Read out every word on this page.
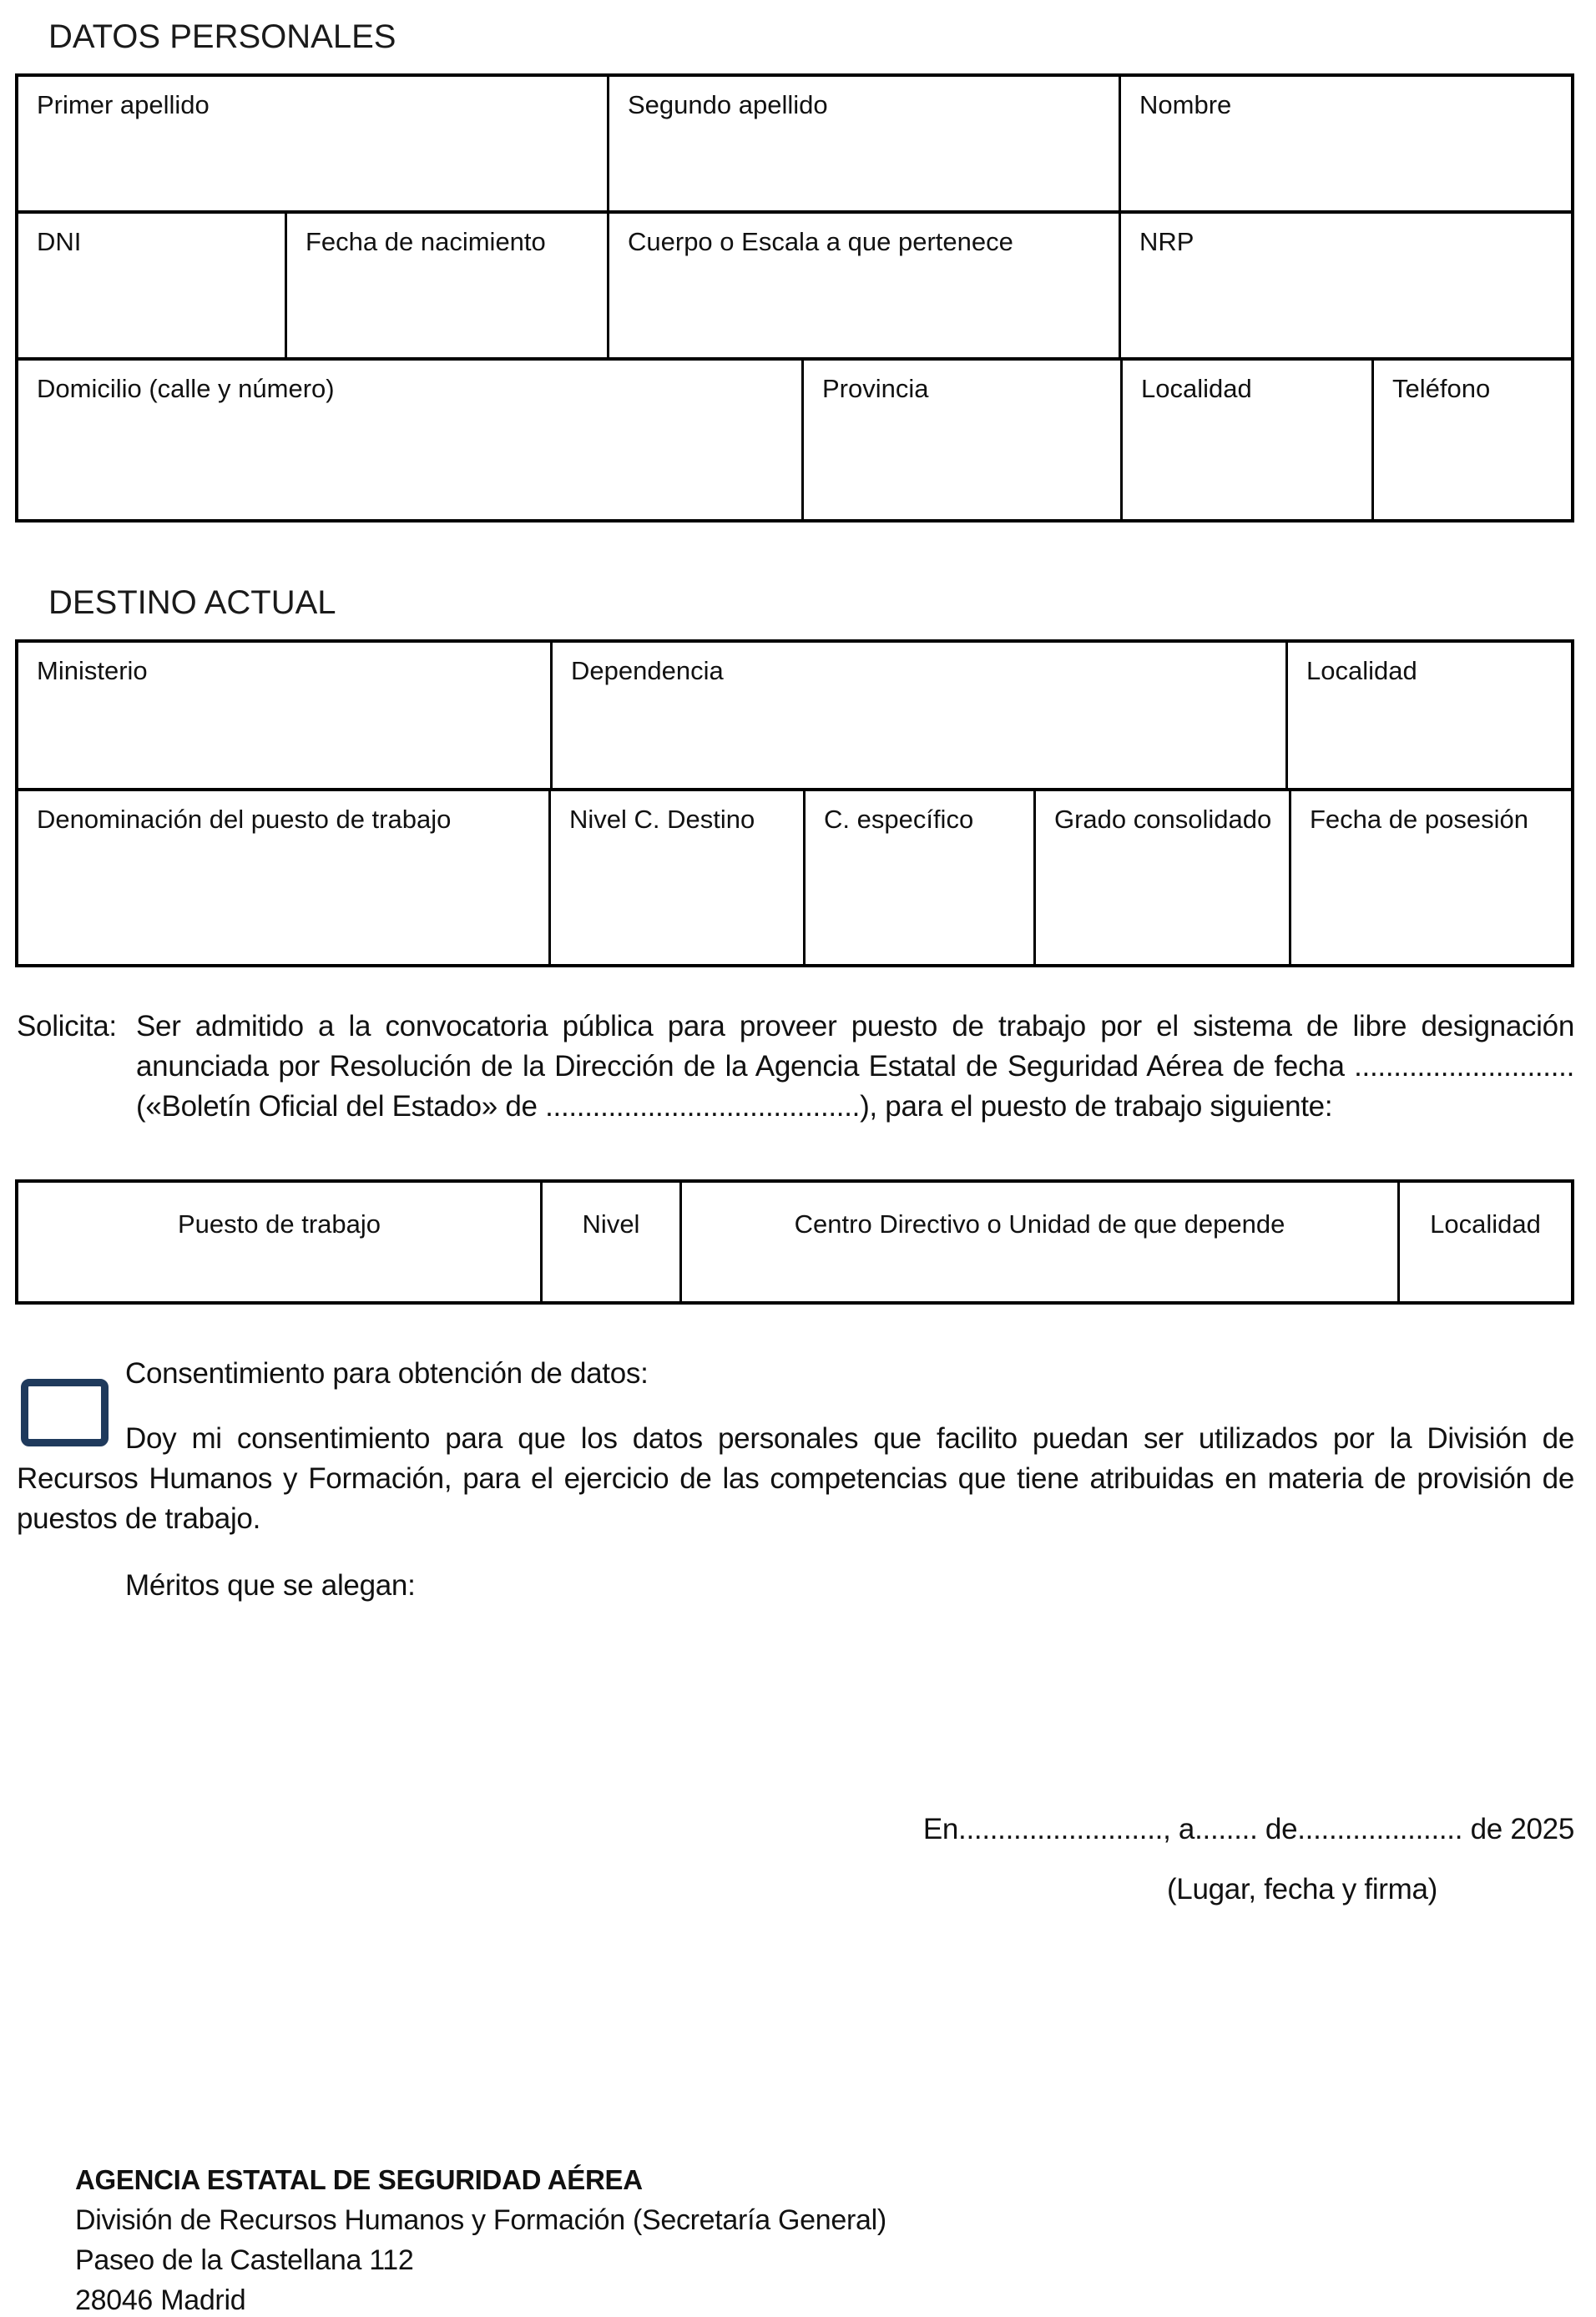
DATOS PERSONALES
Primer apellido	Segundo apellido	Nombre
DNI	Fecha de nacimiento	Cuerpo o Escala a que pertenece	NRP
Domicilio (calle y número)	Provincia	Localidad	Teléfono
DESTINO ACTUAL
Ministerio	Dependencia	Localidad
Denominación del puesto de trabajo	Nivel C. Destino	C. específico	Grado consolidado	Fecha de posesión
Solicita: Ser admitido a la convocatoria pública para proveer puesto de trabajo por el sistema de libre designación
anunciada por Resolución de la Dirección de la Agencia Estatal de Seguridad Aérea de fecha ............................
(«Boletín Oficial del Estado» de ........................................), para el puesto de trabajo siguiente:
Puesto de trabajo	Nivel	Centro Directivo o Unidad de que depende	Localidad
Consentimiento para obtención de datos:
Doy mi consentimiento para que los datos personales que facilito puedan ser utilizados por la División de
Recursos Humanos y Formación, para el ejercicio de las competencias que tiene atribuidas en materia de provisión de
puestos de trabajo.
Méritos que se alegan:
En.........................., a........ de..................... de 2025
(Lugar, fecha y firma)
AGENCIA ESTATAL DE SEGURIDAD AÉREA
División de Recursos Humanos y Formación (Secretaría General)
Paseo de la Castellana 112
28046 Madrid
